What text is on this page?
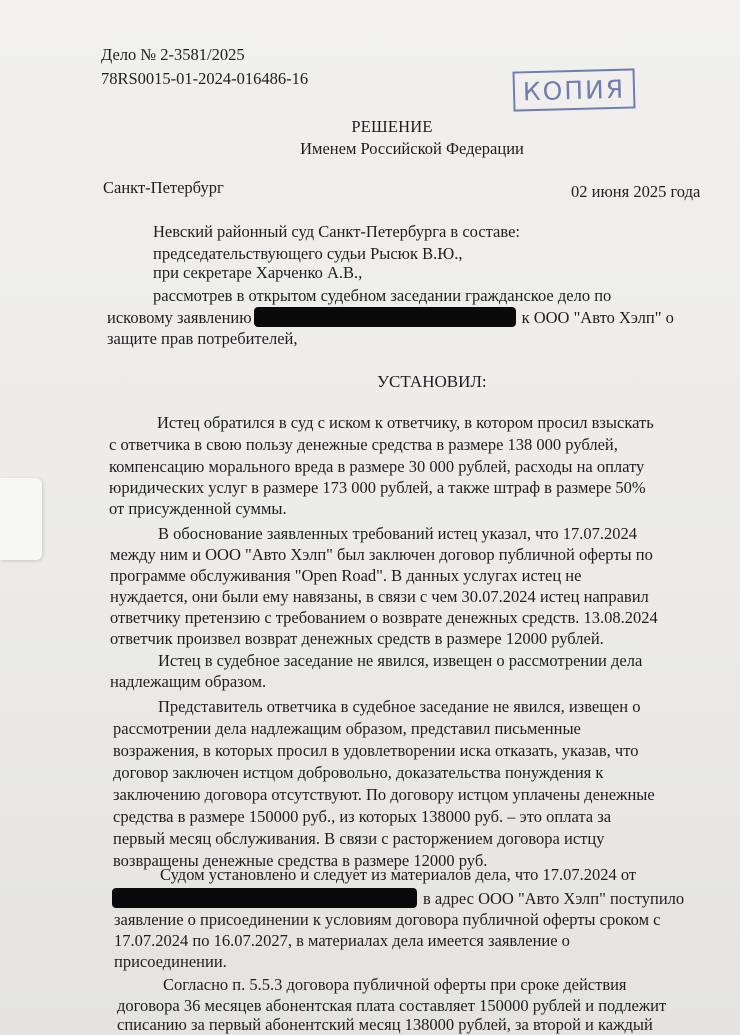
КОПИЯ
Дело № 2-3581/2025
78RS0015-01-2024-016486-16
РЕШЕНИЕ
Именем Российской Федерации
Санкт-Петербург	02 июня 2025 года
Невский районный суд Санкт-Петербурга в составе:
председательствующего судьи Рысюк В.Ю.,
при секретаре Харченко А.В.,
рассмотрев в открытом судебном заседании гражданское дело по
исковому заявлению	к ООО "Авто Хэлп" о
защите прав потребителей,
УСТАНОВИЛ:
Истец обратился в суд с иском к ответчику, в котором просил взыскать
с ответчика в свою пользу денежные средства в размере 138 000 рублей,
компенсацию морального вреда в размере 30 000 рублей, расходы на оплату
юридических услуг в размере 173 000 рублей, а также штраф в размере 50%
от присужденной суммы.
В обоснование заявленных требований истец указал, что 17.07.2024
между ним и ООО "Авто Хэлп" был заключен договор публичной оферты по
программе обслуживания "Open Road". В данных услугах истец не
нуждается, они были ему навязаны, в связи с чем 30.07.2024 истец направил
ответчику претензию с требованием о возврате денежных средств. 13.08.2024
ответчик произвел возврат денежных средств в размере 12000 рублей.
Истец в судебное заседание не явился, извещен о рассмотрении дела
надлежащим образом.
Представитель ответчика в судебное заседание не явился, извещен о
рассмотрении дела надлежащим образом, представил письменные
возражения, в которых просил в удовлетворении иска отказать, указав, что
договор заключен истцом добровольно, доказательства понуждения к
заключению договора отсутствуют. По договору истцом уплачены денежные
средства в размере 150000 руб., из которых 138000 руб. – это оплата за
первый месяц обслуживания. В связи с расторжением договора истцу
возвращены денежные средства в размере 12000 руб.
Судом установлено и следует из материалов дела, что 17.07.2024 от
в адрес ООО "Авто Хэлп" поступило
заявление о присоединении к условиям договора публичной оферты сроком с
17.07.2024 по 16.07.2027, в материалах дела имеется заявление о
присоединении.
Согласно п. 5.5.3 договора публичной оферты при сроке действия
договора 36 месяцев абонентская плата составляет 150000 рублей и подлежит
списанию за первый абонентский месяц 138000 рублей, за второй и каждый
